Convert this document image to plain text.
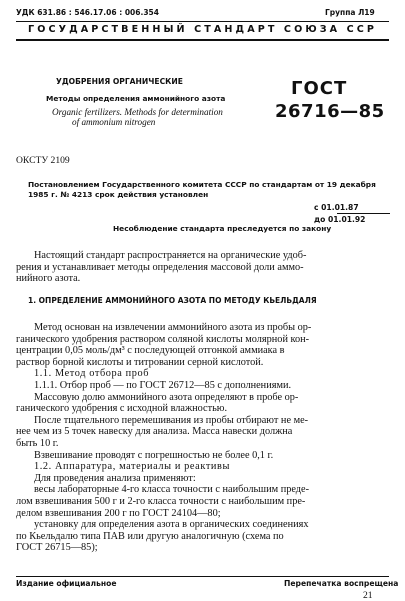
УДК 631.86 : 546.17.06 : 006.354	Группа Л19
ГОСУДАРСТВЕННЫЙ СТАНДАРТ СОЮЗА ССР
УДОБРЕНИЯ ОРГАНИЧЕСКИЕ
Методы определения аммонийного азота
Organic fertilizers. Methods for determination
of ammonium nitrogen
ГОСТ
26716—85
ОКСТУ 2109
Постановлением Государственного комитета СССР по стандартам от 19 декабря
1985 г. № 4213 срок действия установлен
с 01.01.87
до 01.01.92
Несоблюдение стандарта преследуется по закону

Настоящий стандарт распространяется на органические удоб-

рения и устанавливает методы определения массовой доли аммо-

нийного азота.

1. ОПРЕДЕЛЕНИЕ АММОНИЙНОГО АЗОТА ПО МЕТОДУ КЬЕЛЬДАЛЯ

Метод основан на извлечении аммонийного азота из пробы ор-

ганического удобрения раствором соляной кислоты молярной кон-

центрации 0,05 моль/дм³ с последующей отгонкой аммиака в

раствор борной кислоты и титровании серной кислотой.

1.1. Метод отбора проб

1.1.1. Отбор проб — по ГОСТ 26712—85 с дополнениями.

Массовую долю аммонийного азота определяют в пробе ор-

ганического удобрения с исходной влажностью.

После тщательного перемешивания из пробы отбирают не ме-

нее чем из 5 точек навеску для анализа. Масса навески должна

быть 10 г.

Взвешивание проводят с погрешностью не более 0,1 г.

1.2. Аппаратура, материалы и реактивы

Для проведения анализа применяют:

весы лабораторные 4-го класса точности с наибольшим преде-

лом взвешивания 500 г и 2-го класса точности с наибольшим пре-

делом взвешивания 200 г по ГОСТ 24104—80;

установку для определения азота в органических соединениях

по Кьельдалю типа ПАВ или другую аналогичную (схема по

ГОСТ 26715—85);

Издание официальное	Перепечатка воспрещена
21
